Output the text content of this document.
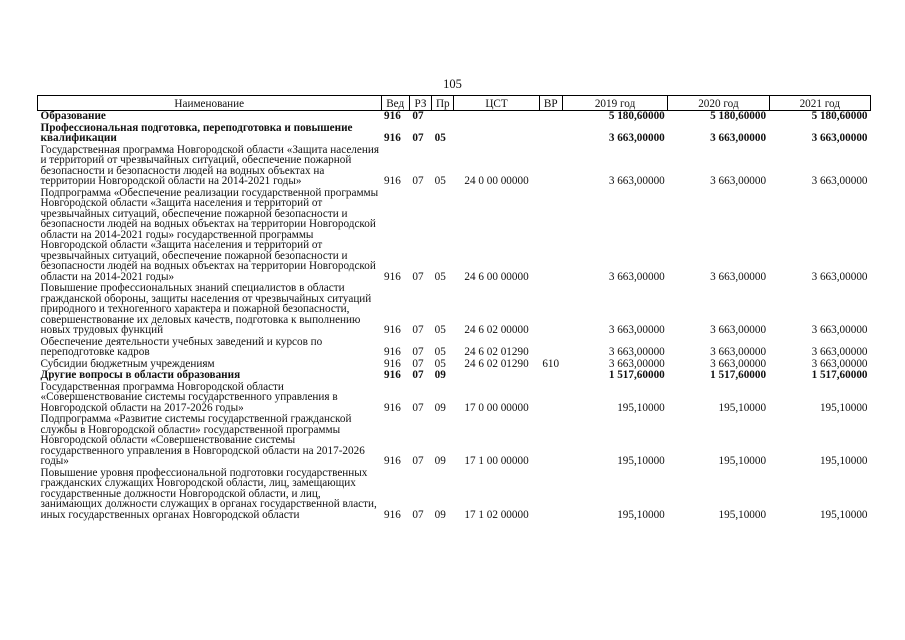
105
Наименование	Вед	РЗ	Пр	ЦСТ	ВР	2019 год	2020 год	2021 год
Образование	916	07				5 180,60000	5 180,60000	5 180,60000
Профессиональная подготовка, переподготовка и повышение квалификации	916	07	05			3 663,00000	3 663,00000	3 663,00000
Государственная программа Новгородской области «Защита населения и территорий от чрезвычайных ситуаций, обеспечение пожарной безопасности и безопасности людей на водных объектах на территории Новгородской области на 2014-2021 годы»	916	07	05	24 0 00 00000		3 663,00000	3 663,00000	3 663,00000
Подпрограмма «Обеспечение реализации государственной программы Новгородской области «Защита населения и территорий от чрезвычайных ситуаций, обеспечение пожарной безопасности и безопасности людей на водных объектах на территории Новгородской области на 2014-2021 годы» государственной программы Новгородской области «Защита населения и территорий от чрезвычайных ситуаций, обеспечение пожарной безопасности и безопасности людей на водных объектах на территории Новгородской области на 2014-2021 годы»	916	07	05	24 6 00 00000		3 663,00000	3 663,00000	3 663,00000
Повышение профессиональных знаний специалистов в области гражданской обороны, защиты населения от чрезвычайных ситуаций природного и техногенного характера и пожарной безопасности, совершенствование их деловых качеств, подготовка к выполнению новых трудовых функций	916	07	05	24 6 02 00000		3 663,00000	3 663,00000	3 663,00000
Обеспечение деятельности учебных заведений и курсов по переподготовке кадров	916	07	05	24 6 02 01290		3 663,00000	3 663,00000	3 663,00000
Субсидии бюджетным учреждениям	916	07	05	24 6 02 01290	610	3 663,00000	3 663,00000	3 663,00000
Другие вопросы в области образования	916	07	09			1 517,60000	1 517,60000	1 517,60000
Государственная программа Новгородской области «Совершенствование системы государственного управления в Новгородской области на 2017-2026 годы»	916	07	09	17 0 00 00000		195,10000	195,10000	195,10000
Подпрограмма «Развитие системы государственной гражданской службы в Новгородской области» государственной программы Новгородской области «Совершенствование системы государственного управления в Новгородской области на 2017-2026 годы»	916	07	09	17 1 00 00000		195,10000	195,10000	195,10000
Повышение уровня профессиональной подготовки государственных гражданских служащих Новгородской области, лиц, замещающих государственные должности Новгородской области, и лиц, занимающих должности служащих в органах государственной власти, иных государственных органах Новгородской области	916	07	09	17 1 02 00000		195,10000	195,10000	195,10000
